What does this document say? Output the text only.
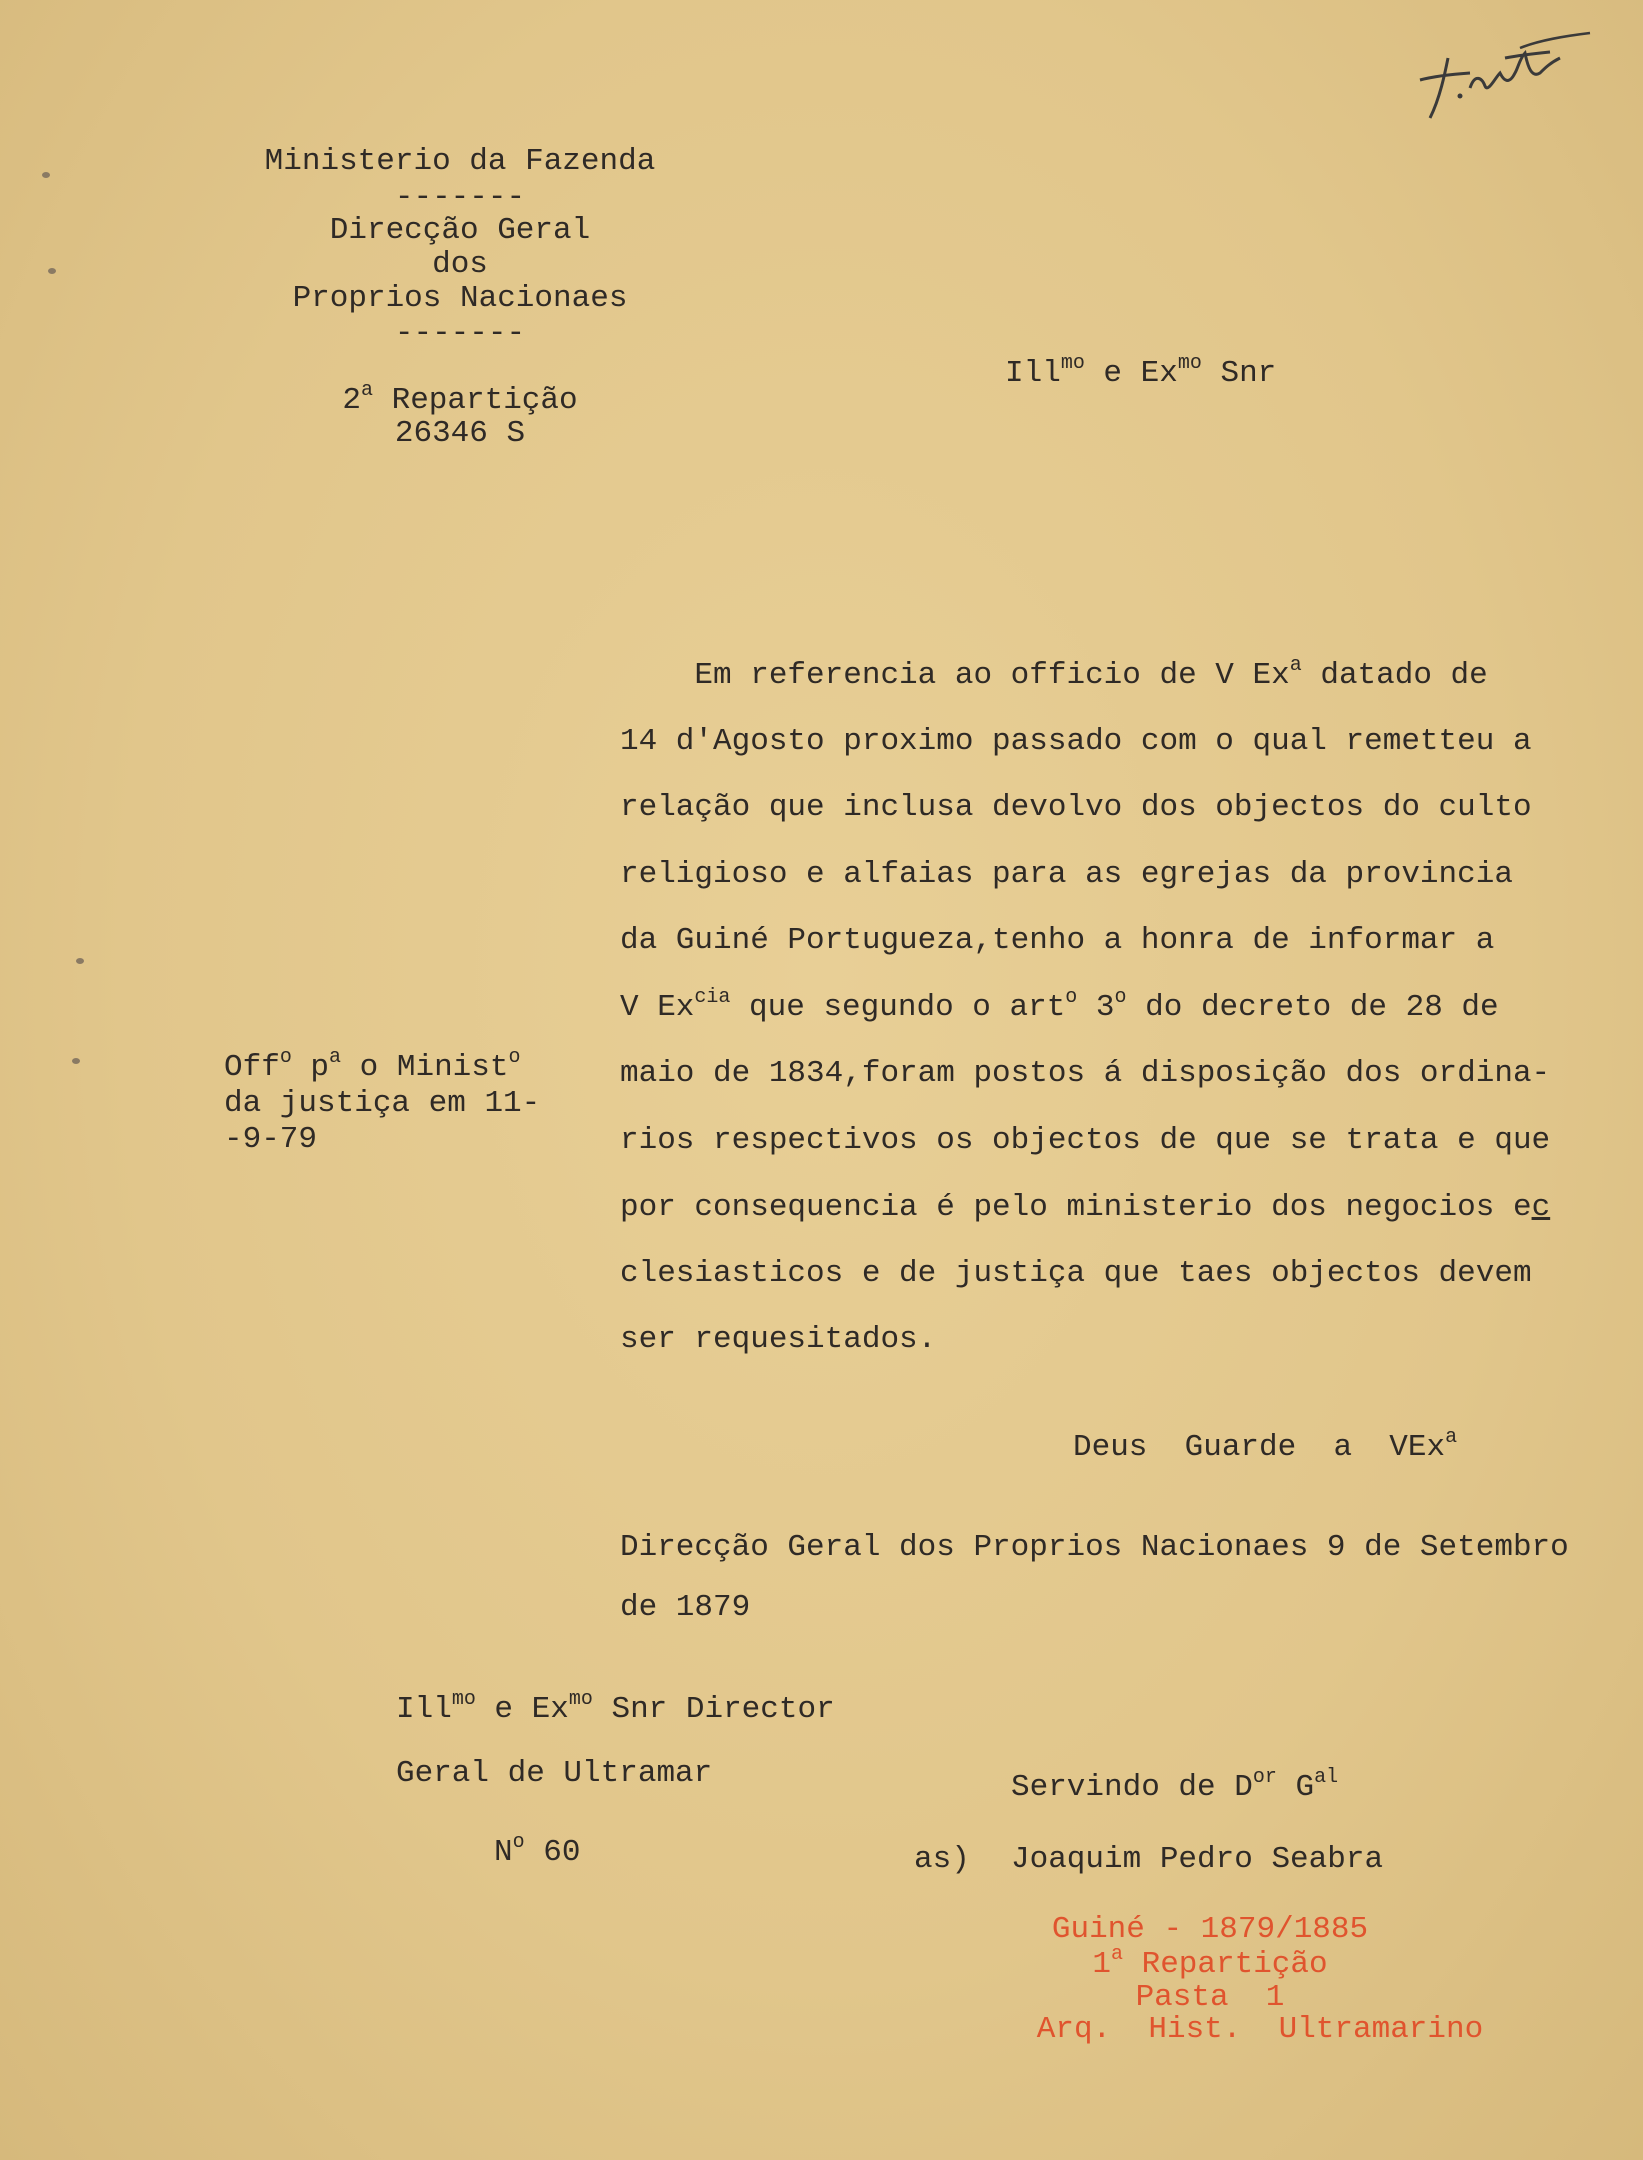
Ministerio da Fazenda
-------
Direcção Geral
dos
Proprios Nacionaes
-------
2$^a$ Repartição
26346 S
Ill$^{mo}$ e $Ex^{mo}$ Snr
Off$^o$ $p^a$ o Minist$^o$
da justiça em 11-
-9-79
Em referencia ao officio de V Ex$^a$ datado de
14 d'Agosto proximo passado com o qual remetteu a
relação que inclusa devolvo dos objectos do culto
religioso e alfaias para as egrejas da provincia
da Guiné Portugueza,tenho a honra de informar a
V $Ex^{cia}$ que segundo o art$^o$ 3$^o$ do decreto de 28 de
maio de 1834,foram postos á disposição dos ordina-
rios respectivos os objectos de que se trata e que
por consequencia é pelo ministerio dos negocios ec
clesiasticos e de justiça que taes objectos devem
ser requesitados.
Deus  Guarde  a  VEx$^a$
Direcção Geral dos Proprios Nacionaes 9 de Setembro
de 1879
Ill$^{mo}$ e $Ex^{mo}$ Snr Director
Geral de Ultramar
$N^o$ 60
Servindo de $D^{or}$ $G^{al}$
as) Joaquim Pedro Seabra
Guiné - 1879/1885
1$^a$ Repartição
Pasta  1
Arq.  Hist.  Ultramarino
